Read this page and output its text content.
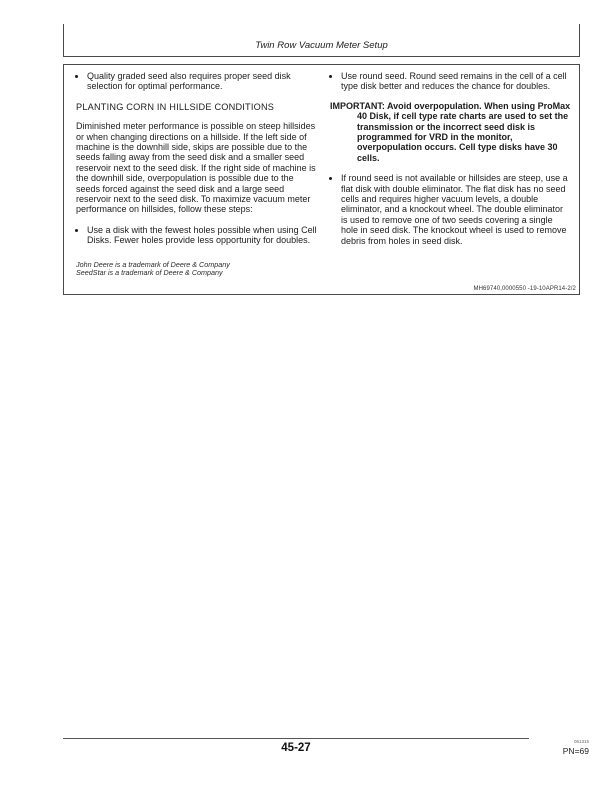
Twin Row Vacuum Meter Setup
• Quality graded seed also requires proper seed disk selection for optimal performance.
PLANTING CORN IN HILLSIDE CONDITIONS

Diminished meter performance is possible on steep hillsides or when changing directions on a hillside. If the left side of machine is the downhill side, skips are possible due to the seeds falling away from the seed disk and a smaller seed reservoir next to the seed disk. If the right side of machine is the downhill side, overpopulation is possible due to the seeds forced against the seed disk and a large seed reservoir next to the seed disk. To maximize vacuum meter performance on hillsides, follow these steps:

• Use a disk with the fewest holes possible when using Cell Disks. Fewer holes provide less opportunity for doubles.
John Deere is a trademark of Deere & Company
SeedStar is a trademark of Deere & Company
• Use round seed. Round seed remains in the cell of a cell type disk better and reduces the chance for doubles.

IMPORTANT: Avoid overpopulation. When using ProMax 40 Disk, if cell type rate charts are used to set the transmission or the incorrect seed disk is programmed for VRD in the monitor, overpopulation occurs. Cell type disks have 30 cells.

• If round seed is not available or hillsides are steep, use a flat disk with double eliminator. The flat disk has no seed cells and requires higher vacuum levels, a double eliminator, and a knockout wheel. The double eliminator is used to remove one of two seeds covering a single hole in seed disk. The knockout wheel is used to remove debris from holes in seed disk.
MH69740,0000550 -19-10APR14-2/2
45-27
061315
PN=69
